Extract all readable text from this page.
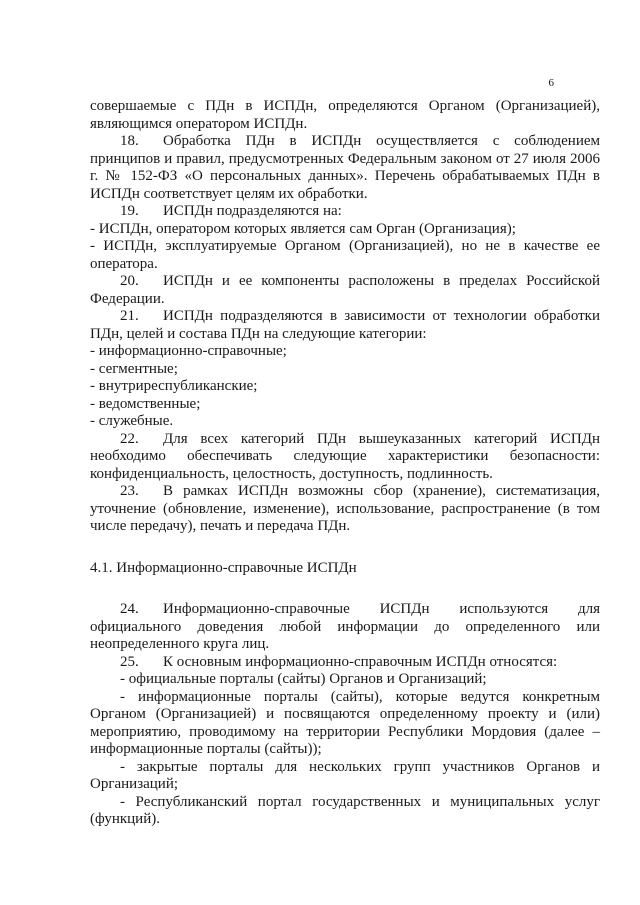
6

совершаемые с ПДн в ИСПДн, определяются Органом (Организацией), являющимся оператором ИСПДн.

18. Обработка ПДн в ИСПДн осуществляется с соблюдением принципов и правил, предусмотренных Федеральным законом от 27 июля 2006 г. № 152-ФЗ «О персональных данных». Перечень обрабатываемых ПДн в ИСПДн соответствует целям их обработки.

19. ИСПДн подразделяются на:

- ИСПДн, оператором которых является сам Орган (Организация);

- ИСПДн, эксплуатируемые Органом (Организацией), но не в качестве ее оператора.

20. ИСПДн и ее компоненты расположены в пределах Российской Федерации.

21. ИСПДн подразделяются в зависимости от технологии обработки ПДн, целей и состава ПДн на следующие категории:

- информационно-справочные;

- сегментные;

- внутриреспубликанские;

- ведомственные;

- служебные.

22. Для всех категорий ПДн вышеуказанных категорий ИСПДн необходимо обеспечивать следующие характеристики безопасности: конфиденциальность, целостность, доступность, подлинность.

23. В рамках ИСПДн возможны сбор (хранение), систематизация, уточнение (обновление, изменение), использование, распространение (в том числе передачу), печать и передача ПДн.

4.1. Информационно-справочные ИСПДн

24. Информационно-справочные ИСПДн используются для официального доведения любой информации до определенного или неопределенного круга лиц.

25. К основным информационно-справочным ИСПДн относятся:

- официальные порталы (сайты) Органов и Организаций;

- информационные порталы (сайты), которые ведутся конкретным Органом (Организацией) и посвящаются определенному проекту и (или) мероприятию, проводимому на территории Республики Мордовия (далее – информационные порталы (сайты));

- закрытые порталы для нескольких групп участников Органов и Организаций;

- Республиканский портал государственных и муниципальных услуг (функций).
